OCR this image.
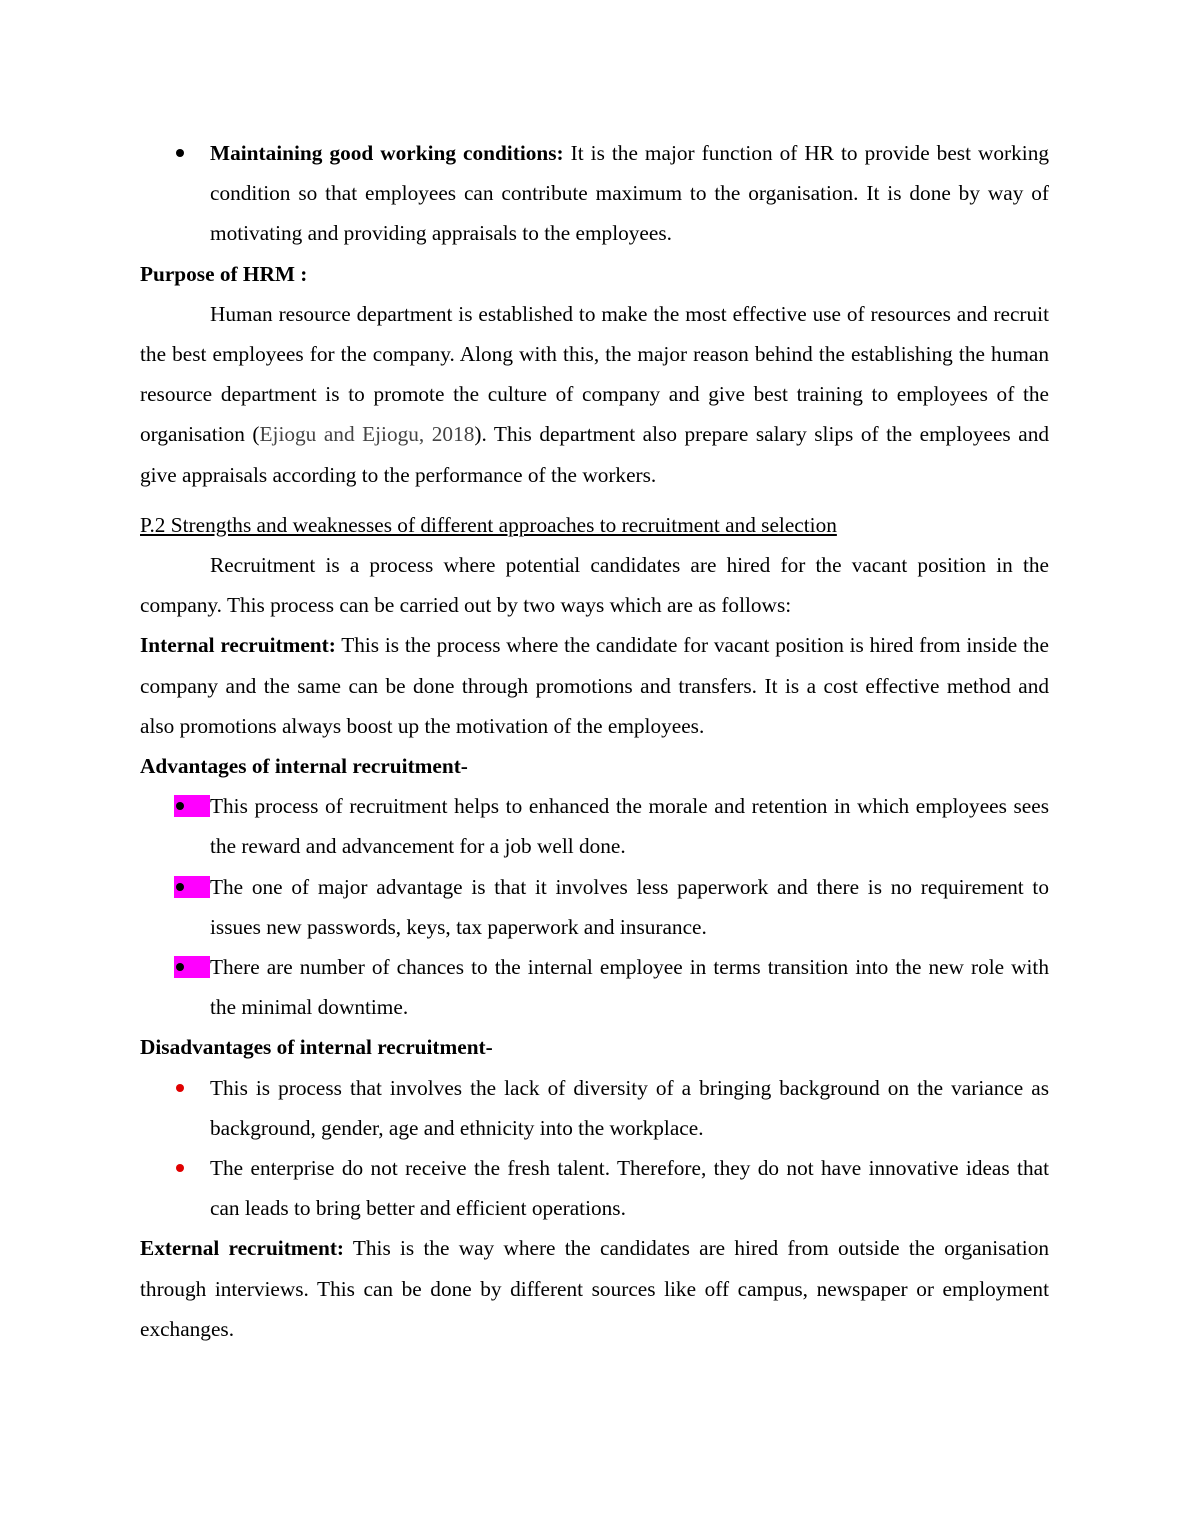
Maintaining good working conditions: It is the major function of HR to provide best working condition so that employees can contribute maximum to the organisation. It is done by way of motivating and providing appraisals to the employees.

Purpose of HRM :

Human resource department is established to make the most effective use of resources and recruit the best employees for the company. Along with this, the major reason behind the establishing the human resource department is to promote the culture of company and give best training to employees of the organisation (Ejiogu and Ejiogu, 2018). This department also prepare salary slips of the employees and give appraisals according to the performance of the workers.

P.2 Strengths and weaknesses of different approaches to recruitment and selection

Recruitment is a process where potential candidates are hired for the vacant position in the company. This process can be carried out by two ways which are as follows:

Internal recruitment: This is the process where the candidate for vacant position is hired from inside the company and the same can be done through promotions and transfers. It is a cost effective method and also promotions always boost up the motivation of the employees.

Advantages of internal recruitment-

This process of recruitment helps to enhanced the morale and retention in which employees sees the reward and advancement for a job well done.

The one of major advantage is that it involves less paperwork and there is no requirement to issues new passwords, keys, tax paperwork and insurance.

There are number of chances to the internal employee in terms transition into the new role with the minimal downtime.

Disadvantages of internal recruitment-

This is process that involves the lack of diversity of a bringing background on the variance as background, gender, age and ethnicity into the workplace.

The enterprise do not receive the fresh talent. Therefore, they do not have innovative ideas that can leads to bring better and efficient operations.

External recruitment: This is the way where the candidates are hired from outside the organisation through interviews. This can be done by different sources like off campus, newspaper or employment exchanges.
